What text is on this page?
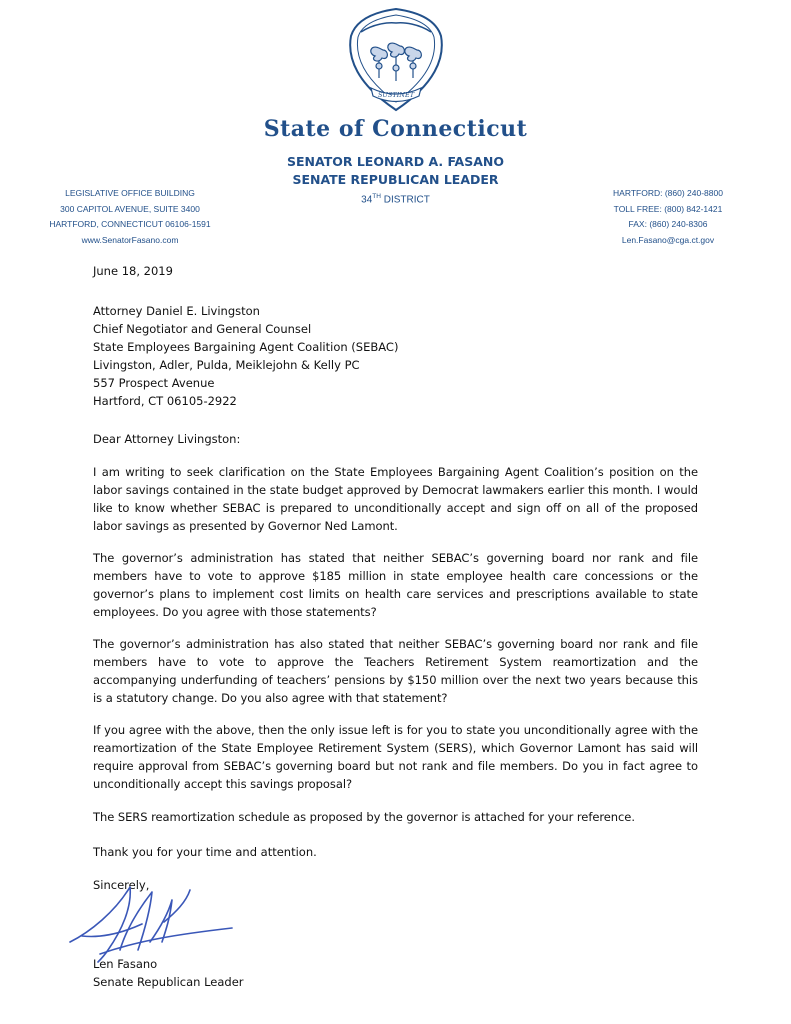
SUSTINET
State of Connecticut
SENATOR LEONARD A. FASANO
SENATE REPUBLICAN LEADER
34TH DISTRICT
LEGISLATIVE OFFICE BUILDING
300 CAPITOL AVENUE, SUITE 3400
HARTFORD, CONNECTICUT 06106-1591
www.SenatorFasano.com
HARTFORD: (860) 240-8800
TOLL FREE: (800) 842-1421
FAX: (860) 240-8306
Len.Fasano@cga.ct.gov
June 18, 2019
Attorney Daniel E. Livingston
Chief Negotiator and General Counsel
State Employees Bargaining Agent Coalition (SEBAC)
Livingston, Adler, Pulda, Meiklejohn & Kelly PC
557 Prospect Avenue
Hartford, CT 06105-2922
Dear Attorney Livingston:
I am writing to seek clarification on the State Employees Bargaining Agent Coalition’s position on the labor savings contained in the state budget approved by Democrat lawmakers earlier this month. I would like to know whether SEBAC is prepared to unconditionally accept and sign off on all of the proposed labor savings as presented by Governor Ned Lamont.
The governor’s administration has stated that neither SEBAC’s governing board nor rank and file members have to vote to approve $185 million in state employee health care concessions or the governor’s plans to implement cost limits on health care services and prescriptions available to state employees. Do you agree with those statements?
The governor’s administration has also stated that neither SEBAC’s governing board nor rank and file members have to vote to approve the Teachers Retirement System reamortization and the accompanying underfunding of teachers’ pensions by $150 million over the next two years because this is a statutory change. Do you also agree with that statement?
If you agree with the above, then the only issue left is for you to state you unconditionally agree with the reamortization of the State Employee Retirement System (SERS), which Governor Lamont has said will require approval from SEBAC’s governing board but not rank and file members. Do you in fact agree to unconditionally accept this savings proposal?
The SERS reamortization schedule as proposed by the governor is attached for your reference.
Thank you for your time and attention.
Sincerely,
Len Fasano
Senate Republican Leader
